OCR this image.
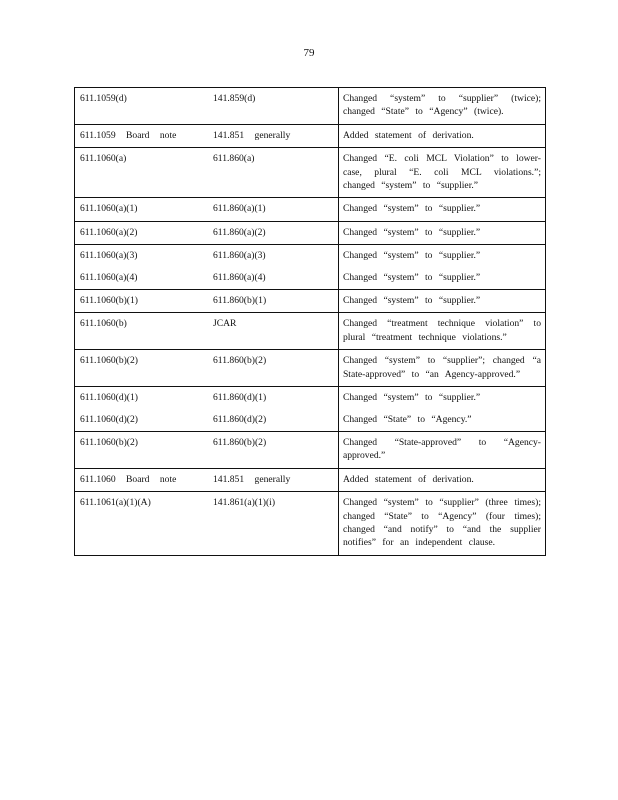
79
611.1059(d)	141.859(d)	Changed “system” to “supplier” (twice); changed “State” to “Agency” (twice).
611.1059 Board note	141.851 generally	Added statement of derivation.
611.1060(a)	611.860(a)	Changed “E. coli MCL Violation” to lower-case, plural “E. coli MCL violations.”; changed “system” to “supplier.”
611.1060(a)(1)	611.860(a)(1)	Changed “system” to “supplier.”
611.1060(a)(2)	611.860(a)(2)	Changed “system” to “supplier.”
611.1060(a)(3)	611.860(a)(3)	Changed “system” to “supplier.”
611.1060(a)(4)	611.860(a)(4)	Changed “system” to “supplier.”
611.1060(b)(1)	611.860(b)(1)	Changed “system” to “supplier.”
611.1060(b)	JCAR	Changed “treatment technique violation” to plural “treatment technique violations.”
611.1060(b)(2)	611.860(b)(2)	Changed “system” to “supplier”; changed “a State-approved” to “an Agency-approved.”
611.1060(d)(1)	611.860(d)(1)	Changed “system” to “supplier.”
611.1060(d)(2)	611.860(d)(2)	Changed “State” to “Agency.”
611.1060(b)(2)	611.860(b)(2)	Changed “State-approved” to “Agency-approved.”
611.1060 Board note	141.851 generally	Added statement of derivation.
611.1061(a)(1)(A)	141.861(a)(1)(i)	Changed “system” to “supplier” (three times); changed “State” to “Agency” (four times); changed “and notify” to “and the supplier notifies” for an independent clause.
